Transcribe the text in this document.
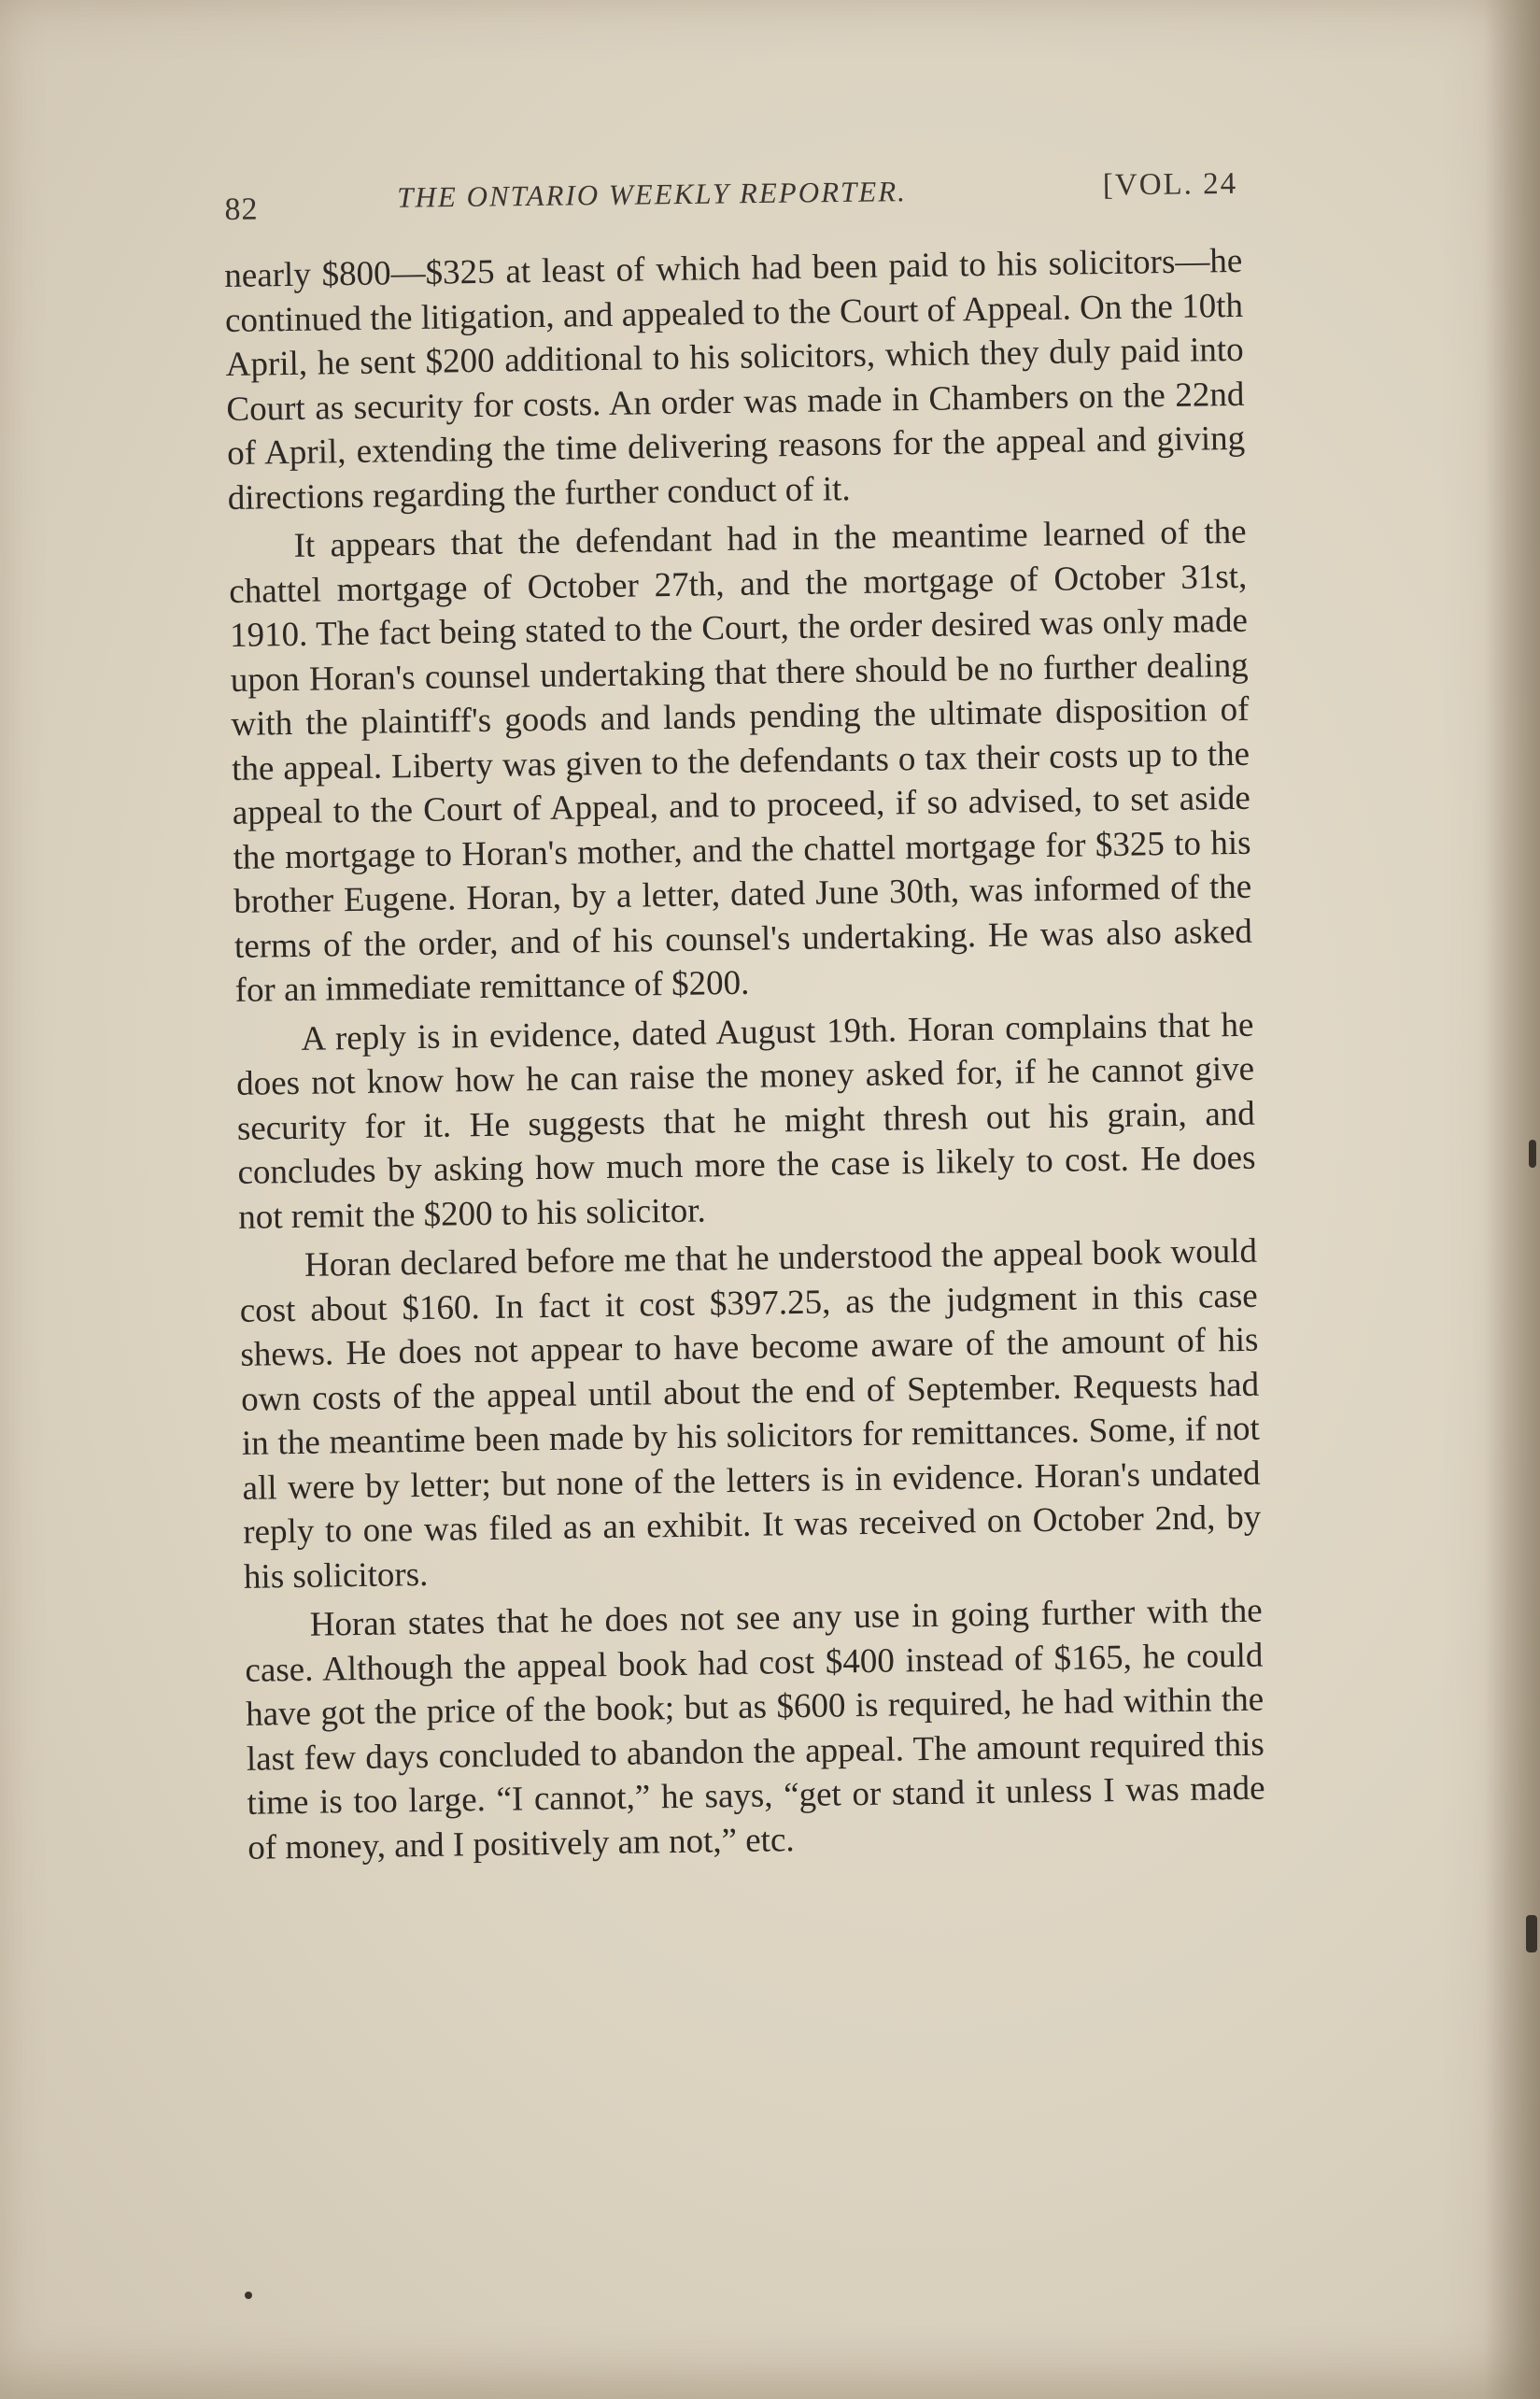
82	THE ONTARIO WEEKLY REPORTER.	[VOL. 24

nearly $800—$325 at least of which had been paid to his solicitors—he continued the litigation, and appealed to the Court of Appeal. On the 10th April, he sent $200 additional to his solicitors, which they duly paid into Court as security for costs. An order was made in Chambers on the 22nd of April, extending the time delivering reasons for the appeal and giving directions regarding the further conduct of it.

It appears that the defendant had in the meantime learned of the chattel mortgage of October 27th, and the mortgage of October 31st, 1910. The fact being stated to the Court, the order desired was only made upon Horan's counsel undertaking that there should be no further dealing with the plaintiff's goods and lands pending the ultimate disposition of the appeal. Liberty was given to the defendants o tax their costs up to the appeal to the Court of Appeal, and to proceed, if so advised, to set aside the mortgage to Horan's mother, and the chattel mortgage for $325 to his brother Eugene. Horan, by a letter, dated June 30th, was informed of the terms of the order, and of his counsel's undertaking. He was also asked for an immediate remittance of $200.

A reply is in evidence, dated August 19th. Horan complains that he does not know how he can raise the money asked for, if he cannot give security for it. He suggests that he might thresh out his grain, and concludes by asking how much more the case is likely to cost. He does not remit the $200 to his solicitor.

Horan declared before me that he understood the appeal book would cost about $160. In fact it cost $397.25, as the judgment in this case shews. He does not appear to have become aware of the amount of his own costs of the appeal until about the end of September. Requests had in the meantime been made by his solicitors for remittances. Some, if not all were by letter; but none of the letters is in evidence. Horan's undated reply to one was filed as an exhibit. It was received on October 2nd, by his solicitors.

Horan states that he does not see any use in going further with the case. Although the appeal book had cost $400 instead of $165, he could have got the price of the book; but as $600 is required, he had within the last few days concluded to abandon the appeal. The amount required this time is too large. “I cannot,” he says, “get or stand it unless I was made of money, and I positively am not,” etc.
